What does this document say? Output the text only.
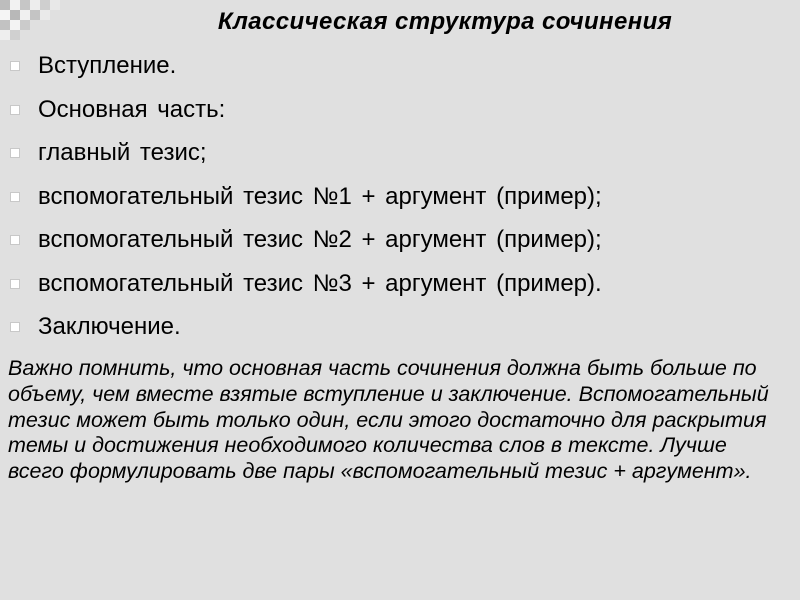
Классическая структура сочинения
Вступление.
Основная часть:
главный тезис;
вспомогательный тезис №1 + аргумент (пример);
вспомогательный тезис №2 + аргумент (пример);
вспомогательный тезис №3 + аргумент (пример).
Заключение.

Важно помнить, что основная часть сочинения должна быть больше по объему, чем вместе взятые вступление и заключение. Вспомогательный тезис может быть только один, если этого достаточно для раскрытия темы и достижения необходимого количества слов в тексте. Лучше всего формулировать две пары «вспомогательный тезис + аргумент».
